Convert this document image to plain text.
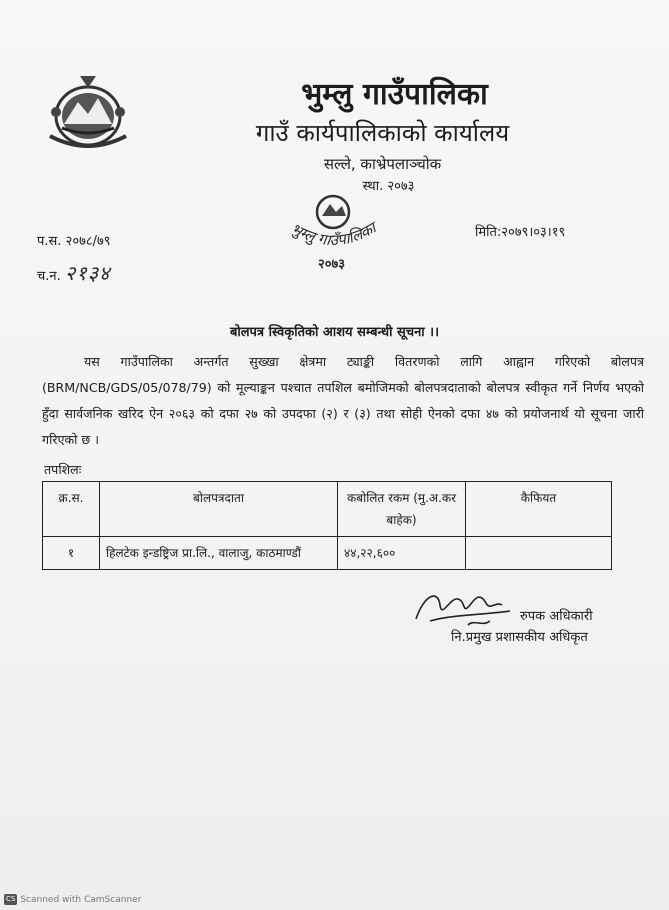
भुम्लु गाउँपालिका
गाउँ कार्यपालिकाको कार्यालय
सल्ले, काभ्रेपलाञ्चोक
स्था. २०७३
भुम्लु गाउँपालिका
२०७३
प.स. २०७८/७९
च.न. २१३४
मिति:२०७९।०३।१९
बोलपत्र स्विकृतिको आशय सम्बन्धी सूचना ।।
यस गाउँपालिका अन्तर्गत सुख्खा क्षेत्रमा ट्याङ्की वितरणको लागि आह्वान गरिएको बोलपत्र (BRM/NCB/GDS/05/078/79) को मूल्याङ्कन पश्चात तपशिल बमोजिमको बोलपत्रदाताको बोलपत्र स्वीकृत गर्ने निर्णय भएको हुँदा सार्वजनिक खरिद ऐन २०६३ को दफा २७ को उपदफा (२) र (३) तथा सोही ऐनको दफा ४७ को प्रयोजनार्थ यो सूचना जारी गरिएको छ ।
तपशिलः
क्र.स.	बोलपत्रदाता	कबोलित रकम (मु.अ.कर बाहेक)	कैफियत
१	हिलटेक इन्डष्ट्रिज प्रा.लि., वालाजु, काठमाण्डौं	४४,२२,६००	
रुपक अधिकारी
नि.प्रमुख प्रशासकीय अधिकृत
CS Scanned with CamScanner
